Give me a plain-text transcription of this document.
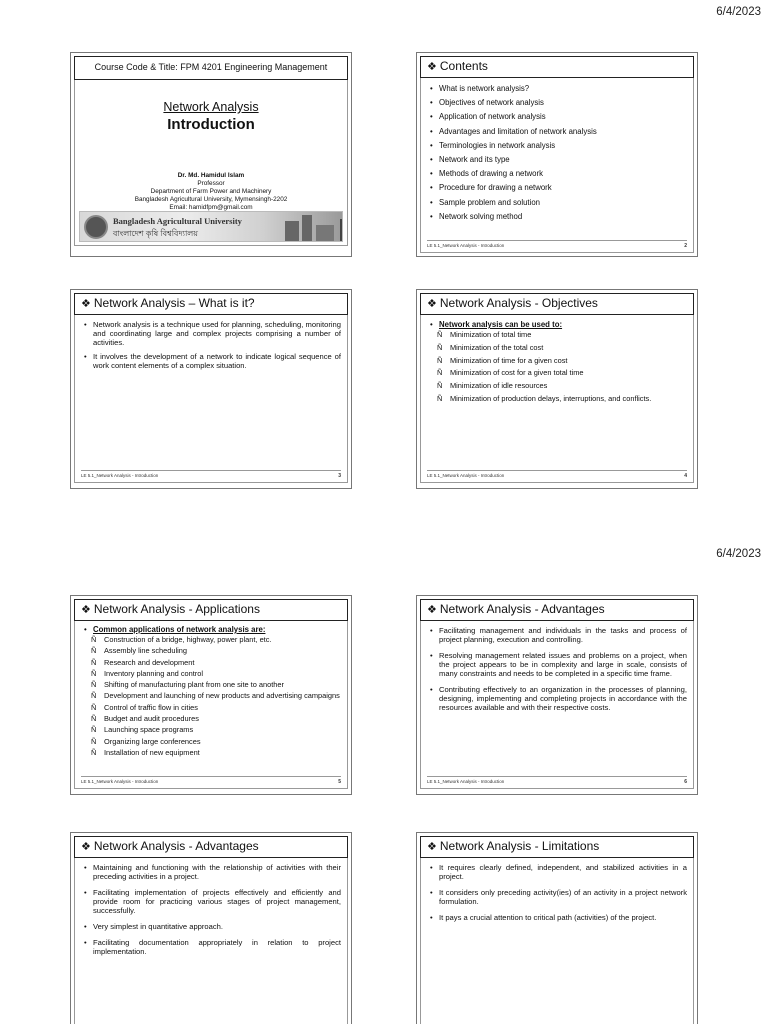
6/4/2023
Course Code & Title: FPM 4201 Engineering Management
Network Analysis
Introduction
Dr. Md. Hamidul Islam
Professor
Department of Farm Power and Machinery
Bangladesh Agricultural University, Mymensingh-2202
Email: hamidfpm@gmail.com
Bangladesh Agricultural University
বাংলাদেশ কৃষি বিশ্ববিদ্যালয়
❖ Contents
• What is network analysis?
• Objectives of network analysis
• Application of network analysis
• Advantages and limitation of network analysis
• Terminologies in network analysis
• Network and its type
• Methods of drawing a network
• Procedure for drawing a network
• Sample problem and solution
• Network solving method
LE 5.1_Network Analysis - Introduction	2
❖ Network Analysis – What is it?
• Network analysis is a technique used for planning, scheduling, monitoring and coordinating large and complex projects comprising a number of activities.
• It involves the development of a network to indicate logical sequence of work content elements of a complex situation.
LE 5.1_Network Analysis - Introduction	3
❖ Network Analysis - Objectives
• Network analysis can be used to:
Ñ Minimization of total time
Ñ Minimization of the total cost
Ñ Minimization of time for a given cost
Ñ Minimization of cost for a given total time
Ñ Minimization of idle resources
Ñ Minimization of production delays, interruptions, and conflicts.
LE 5.1_Network Analysis - Introduction	4
6/4/2023
❖ Network Analysis - Applications
• Common applications of network analysis are:
Ñ Construction of a bridge, highway, power plant, etc.
Ñ Assembly line scheduling
Ñ Research and development
Ñ Inventory planning and control
Ñ Shifting of manufacturing plant from one site to another
Ñ Development and launching of new products and advertising campaigns
Ñ Control of traffic flow in cities
Ñ Budget and audit procedures
Ñ Launching space programs
Ñ Organizing large conferences
Ñ Installation of new equipment
LE 5.1_Network Analysis - Introduction	5
❖ Network Analysis - Advantages
• Facilitating management and individuals in the tasks and process of project planning, execution and controlling.
• Resolving management related issues and problems on a project, when the project appears to be in complexity and large in scale, consists of many constraints and needs to be completed in a specific time frame.
• Contributing effectively to an organization in the processes of planning, designing, implementing and completing projects in accordance with the resources available and with their respective costs.
LE 5.1_Network Analysis - Introduction	6
❖ Network Analysis - Advantages
• Maintaining and functioning with the relationship of activities with their preceding activities in a project.
• Facilitating implementation of projects effectively and efficiently and provide room for practicing various stages of project management, successfully.
• Very simplest in quantitative approach.
• Facilitating documentation appropriately in relation to project implementation.
❖ Network Analysis - Limitations
• It requires clearly defined, independent, and stabilized activities in a project.
• It considers only preceding activity(ies) of an activity in a project network formulation.
• It pays a crucial attention to critical path (activities) of the project.
